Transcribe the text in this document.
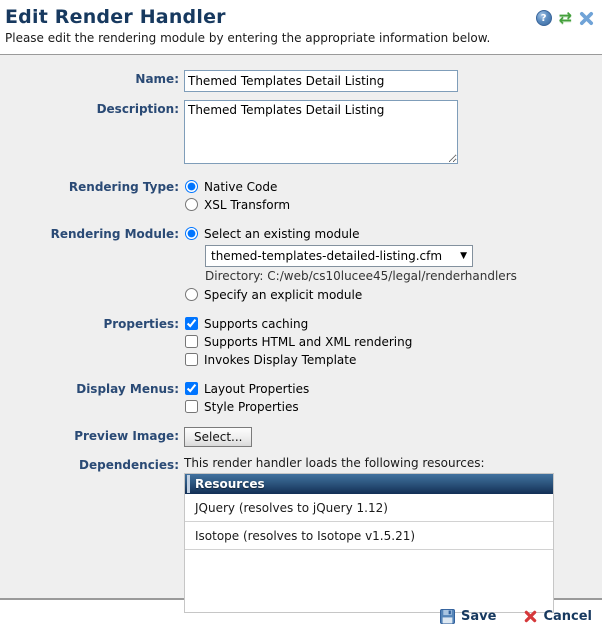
Edit Render Handler	? ⇄

Please edit the rendering module by entering the appropriate information below.

Name:
Themed Templates Detail Listing
Description:
Themed Templates Detail Listing
Rendering Type:	Native Code
XSL Transform
Rendering Module:	Select an existing module
themed-templates-detailed-listing.cfm	▼
Directory: C:/web/cs10lucee45/legal/renderhandlers
Specify an explicit module
Properties:	Supports caching
Supports HTML and XML rendering
Invokes Display Template
Display Menus:	Layout Properties
Style Properties
Preview Image:	Select...
Dependencies: This render handler loads the following resources:
Resources
JQuery (resolves to jQuery 1.12)
Isotope (resolves to Isotope v1.5.21)
Save	Cancel
